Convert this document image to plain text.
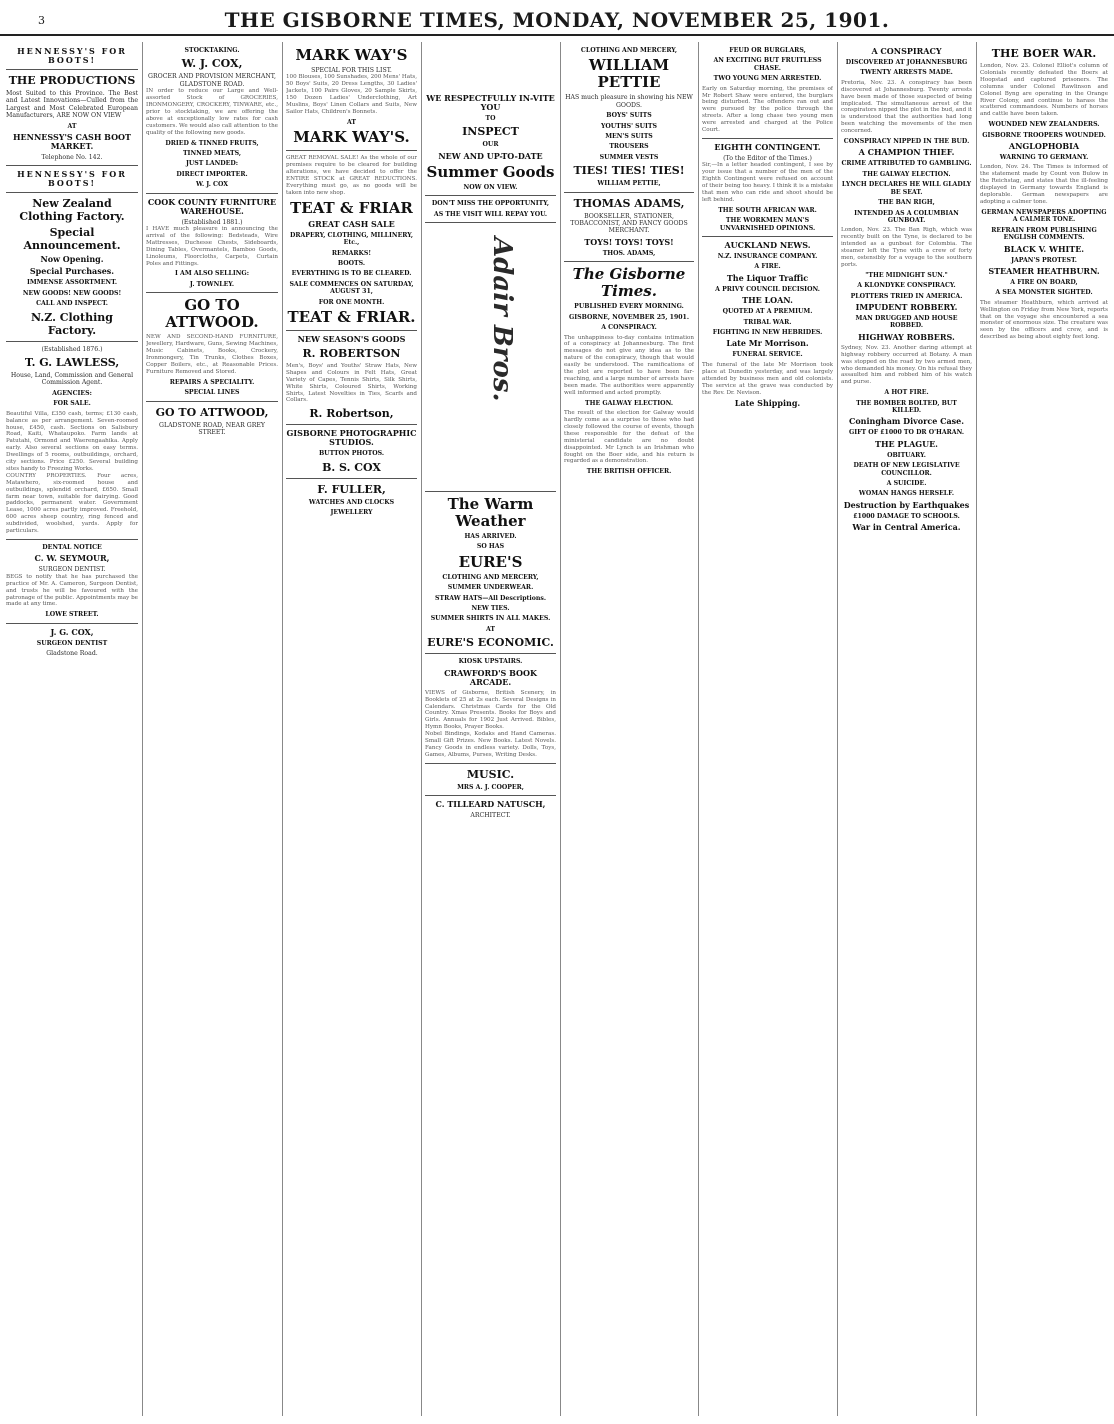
3	THE GISBORNE TIMES, MONDAY, NOVEMBER 25, 1901.
HENNESSY'S FOR BOOTS!
THE PRODUCTIONS
Most Suited to this Province. The Best and Latest Innovations—Culled from the Largest and Most Celebrated European Manufacturers, ARE NOW ON VIEW
AT
HENNESSY'S CASH BOOT MARKET.
Telephone No. 142.
HENNESSY'S FOR BOOTS!
New Zealand Clothing Factory.
Special Announcement.
Now Opening.
Special Purchases.
IMMENSE ASSORTMENT.
NEW GOODS! NEW GOODS!
CALL AND INSPECT.
N.Z. Clothing Factory.
(Established 1876.)
T. G. LAWLESS,
House, Land, Commission and General Commission Agent.
AGENCIES:
FOR SALE.
Beautiful Villa, £350 cash, terms; £130 cash, balance as per arrangement. Seven-roomed house, £450, cash. Sections on Salisbury Road, Kaiti, Whataupoko. Farm lands at Patutahi, Ormond and Waerengaahika. Apply early. Also several sections on easy terms. Dwellings of 5 rooms, outbuildings, orchard, city sections. Price £250. Several building sites handy to Freezing Works.
COUNTRY PROPERTIES. Four acres, Matawhero, six-roomed house and outbuildings, splendid orchard, £650. Small farm near town, suitable for dairying. Good paddocks, permanent water. Government Lease, 1000 acres partly improved. Freehold, 600 acres sheep country, ring fenced and subdivided, woolshed, yards. Apply for particulars.
DENTAL NOTICE
C. W. SEYMOUR,
SURGEON DENTIST.
BEGS to notify that he has purchased the practice of Mr. A. Cameron, Surgeon Dentist, and trusts he will be favoured with the patronage of the public. Appointments may be made at any time.
LOWE STREET.
J. G. COX,
SURGEON DENTIST
Gladstone Road.
STOCKTAKING.
W. J. COX,
GROCER AND PROVISION MERCHANT, GLADSTONE ROAD.
IN order to reduce our Large and Well-assorted Stock of GROCERIES, IRONMONGERY, CROCKERY, TINWARE, etc., prior to stocktaking, we are offering the above at exceptionally low rates for cash customers. We would also call attention to the quality of the following new goods.
DRIED & TINNED FRUITS,
TINNED MEATS,
JUST LANDED:
DIRECT IMPORTER.
W. J. COX
COOK COUNTY FURNITURE WAREHOUSE.
(Established 1881.)
I HAVE much pleasure in announcing the arrival of the following: Bedsteads, Wire Mattresses, Duchesse Chests, Sideboards, Dining Tables, Overmantels, Bamboo Goods, Linoleums, Floorcloths, Carpets, Curtain Poles and Fittings.
I AM ALSO SELLING:
J. TOWNLEY.
GO TO ATTWOOD.
NEW AND SECOND-HAND FURNITURE, Jewellery, Hardware, Guns, Sewing Machines, Music Cabinets, Books, Crockery, Ironmongery, Tin Trunks, Clothes Boxes, Copper Boilers, etc., at Reasonable Prices. Furniture Removed and Stored.
REPAIRS A SPECIALITY.
SPECIAL LINES
GO TO ATTWOOD,
GLADSTONE ROAD, NEAR GREY STREET.
MARK WAY'S
SPECIAL FOR THIS LIST.
100 Blouses, 100 Sunshades, 200 Mens' Hats, 50 Boys' Suits, 20 Dress Lengths, 30 Ladies' Jackets, 100 Pairs Gloves, 20 Sample Skirts, 150 Dozen Ladies' Underclothing, Art Muslins, Boys' Linen Collars and Suits, New Sailor Hats, Children's Bonnets.
AT
MARK WAY'S.
GREAT REMOVAL SALE! As the whole of our premises require to be cleared for building alterations, we have decided to offer the ENTIRE STOCK at GREAT REDUCTIONS. Everything must go, as no goods will be taken into new shop.
TEAT & FRIAR
GREAT CASH SALE
DRAPERY, CLOTHING, MILLINERY, Etc.,
REMARKS!
BOOTS.
EVERYTHING IS TO BE CLEARED.
SALE COMMENCES ON SATURDAY, AUGUST 31,
FOR ONE MONTH.
TEAT & FRIAR.
NEW SEASON'S GOODS
R. ROBERTSON
Men's, Boys' and Youths' Straw Hats, New Shapes and Colours in Felt Hats, Great Variety of Capes, Tennis Shirts, Silk Shirts, White Shirts, Coloured Shirts, Working Shirts, Latest Novelties in Ties, Scarfs and Collars.
R. Robertson,
GISBORNE PHOTOGRAPHIC STUDIOS.
BUTTON PHOTOS.
B. S. COX
F. FULLER,
WATCHES AND CLOCKS
JEWELLERY
WE RESPECTFULLY IN-VITE YOU
TO
INSPECT
OUR
NEW AND UP-TO-DATE
Summer Goods
NOW ON VIEW.
DON'T MISS THE OPPORTUNITY,
AS THE VISIT WILL REPAY YOU.
Adair Bros.
The Warm Weather
HAS ARRIVED.
SO HAS
EURE'S
CLOTHING AND MERCERY,
SUMMER UNDERWEAR.
STRAW HATS—All Descriptions.
NEW TIES.
SUMMER SHIRTS IN ALL MAKES.
AT
EURE'S ECONOMIC.
KIOSK UPSTAIRS.
CRAWFORD'S BOOK ARCADE.
VIEWS of Gisborne, British Scenery, in Booklets of 25 at 2s each. Several Designs in Calendars. Christmas Cards for the Old Country. Xmas Presents. Books for Boys and Girls. Annuals for 1902 Just Arrived. Bibles, Hymn Books, Prayer Books.
Nobel Bindings, Kodaks and Hand Cameras. Small Gift Prizes. New Books. Latest Novels. Fancy Goods in endless variety. Dolls, Toys, Games, Albums, Purses, Writing Desks.
MUSIC.
MRS A. J. COOPER,
C. TILLEARD NATUSCH,
ARCHITECT.
CLOTHING AND MERCERY,
WILLIAM PETTIE
HAS much pleasure in showing his NEW GOODS.
BOYS' SUITS
YOUTHS' SUITS
MEN'S SUITS
TROUSERS
SUMMER VESTS
TIES! TIES! TIES!
WILLIAM PETTIE,
THOMAS ADAMS,
BOOKSELLER, STATIONER, TOBACCONIST, AND FANCY GOODS MERCHANT.
TOYS! TOYS! TOYS!
THOS. ADAMS,
The Gisborne Times.
PUBLISHED EVERY MORNING.
GISBORNE, NOVEMBER 25, 1901.
A CONSPIRACY.
The unhappiness to-day contains intimation of a conspiracy at Johannesburg. The first messages do not give any idea as to the nature of the conspiracy, though that would easily be understood. The ramifications of the plot are reported to have been far-reaching, and a large number of arrests have been made. The authorities were apparently well informed and acted promptly.
THE GALWAY ELECTION.
The result of the election for Galway would hardly come as a surprise to those who had closely followed the course of events, though these responsible for the defeat of the ministerial candidate are no doubt disappointed. Mr Lynch is an Irishman who fought on the Boer side, and his return is regarded as a demonstration.
THE BRITISH OFFICER.
FEUD OR BURGLARS,
AN EXCITING BUT FRUITLESS CHASE.
TWO YOUNG MEN ARRESTED.
Early on Saturday morning, the premises of Mr Robert Shaw were entered, the burglars being disturbed. The offenders ran out and were pursued by the police through the streets. After a long chase two young men were arrested and charged at the Police Court.
EIGHTH CONTINGENT.
(To the Editor of the Times.)
Sir,—In a letter headed contingent, I see by your issue that a number of the men of the Eighth Contingent were refused on account of their being too heavy. I think it is a mistake that men who can ride and shoot should be left behind.
THE SOUTH AFRICAN WAR.
THE WORKMEN MAN'S UNVARNISHED OPINIONS.
AUCKLAND NEWS.
N.Z. INSURANCE COMPANY.
A FIRE.
The Liquor Traffic
A PRIVY COUNCIL DECISION.
THE LOAN.
QUOTED AT A PREMIUM.
TRIBAL WAR.
FIGHTING IN NEW HEBRIDES.
Late Mr Morrison.
FUNERAL SERVICE.
The funeral of the late Mr Morrison took place at Dunedin yesterday, and was largely attended by business men and old colonists. The service at the grave was conducted by the Rev. Dr. Nevison.
Late Shipping.
A CONSPIRACY
DISCOVERED AT JOHANNESBURG
TWENTY ARRESTS MADE.
Pretoria, Nov. 23. A conspiracy has been discovered at Johannesburg. Twenty arrests have been made of those suspected of being implicated. The simultaneous arrest of the conspirators nipped the plot in the bud, and it is understood that the authorities had long been watching the movements of the men concerned.
CONSPIRACY NIPPED IN THE BUD.
A CHAMPION THIEF.
CRIME ATTRIBUTED TO GAMBLING.
THE GALWAY ELECTION.
LYNCH DECLARES HE WILL GLADLY BE SEAT.
THE BAN RIGH,
INTENDED AS A COLUMBIAN GUNBOAT.
London, Nov. 23. The Ban Righ, which was recently built on the Tyne, is declared to be intended as a gunboat for Colombia. The steamer left the Tyne with a crew of forty men, ostensibly for a voyage to the southern ports.
"THE MIDNIGHT SUN."
A KLONDYKE CONSPIRACY.
PLOTTERS TRIED IN AMERICA.
IMPUDENT ROBBERY.
MAN DRUGGED AND HOUSE ROBBED.
HIGHWAY ROBBERS.
Sydney, Nov. 23. Another daring attempt at highway robbery occurred at Botany. A man was stopped on the road by two armed men, who demanded his money. On his refusal they assaulted him and robbed him of his watch and purse.
A HOT FIRE.
THE BOMBER BOLTED, BUT KILLED.
Coningham Divorce Case.
GIFT OF £1000 TO DR O'HARAN.
THE PLAGUE.
OBITUARY.
DEATH OF NEW LEGISLATIVE COUNCILLOR.
A SUICIDE.
WOMAN HANGS HERSELF.
Destruction by Earthquakes
£1000 DAMAGE TO SCHOOLS.
War in Central America.
THE BOER WAR.
London, Nov. 23. Colonel Elliot's column of Colonials recently defeated the Boers at Hoopstad and captured prisoners. The columns under Colonel Rawlinson and Colonel Byng are operating in the Orange River Colony, and continue to harass the scattered commandoes. Numbers of horses and cattle have been taken.
WOUNDED NEW ZEALANDERS.
GISBORNE TROOPERS WOUNDED.
ANGLOPHOBIA
WARNING TO GERMANY.
London, Nov. 24. The Times is informed of the statement made by Count von Bulow in the Reichstag, and states that the ill-feeling displayed in Germany towards England is deplorable. German newspapers are adopting a calmer tone.
GERMAN NEWSPAPERS ADOPTING A CALMER TONE.
REFRAIN FROM PUBLISHING ENGLISH COMMENTS.
BLACK V. WHITE.
JAPAN'S PROTEST.
STEAMER HEATHBURN.
A FIRE ON BOARD,
A SEA MONSTER SIGHTED.
The steamer Heathburn, which arrived at Wellington on Friday from New York, reports that on the voyage she encountered a sea monster of enormous size. The creature was seen by the officers and crew, and is described as being about eighty feet long.
